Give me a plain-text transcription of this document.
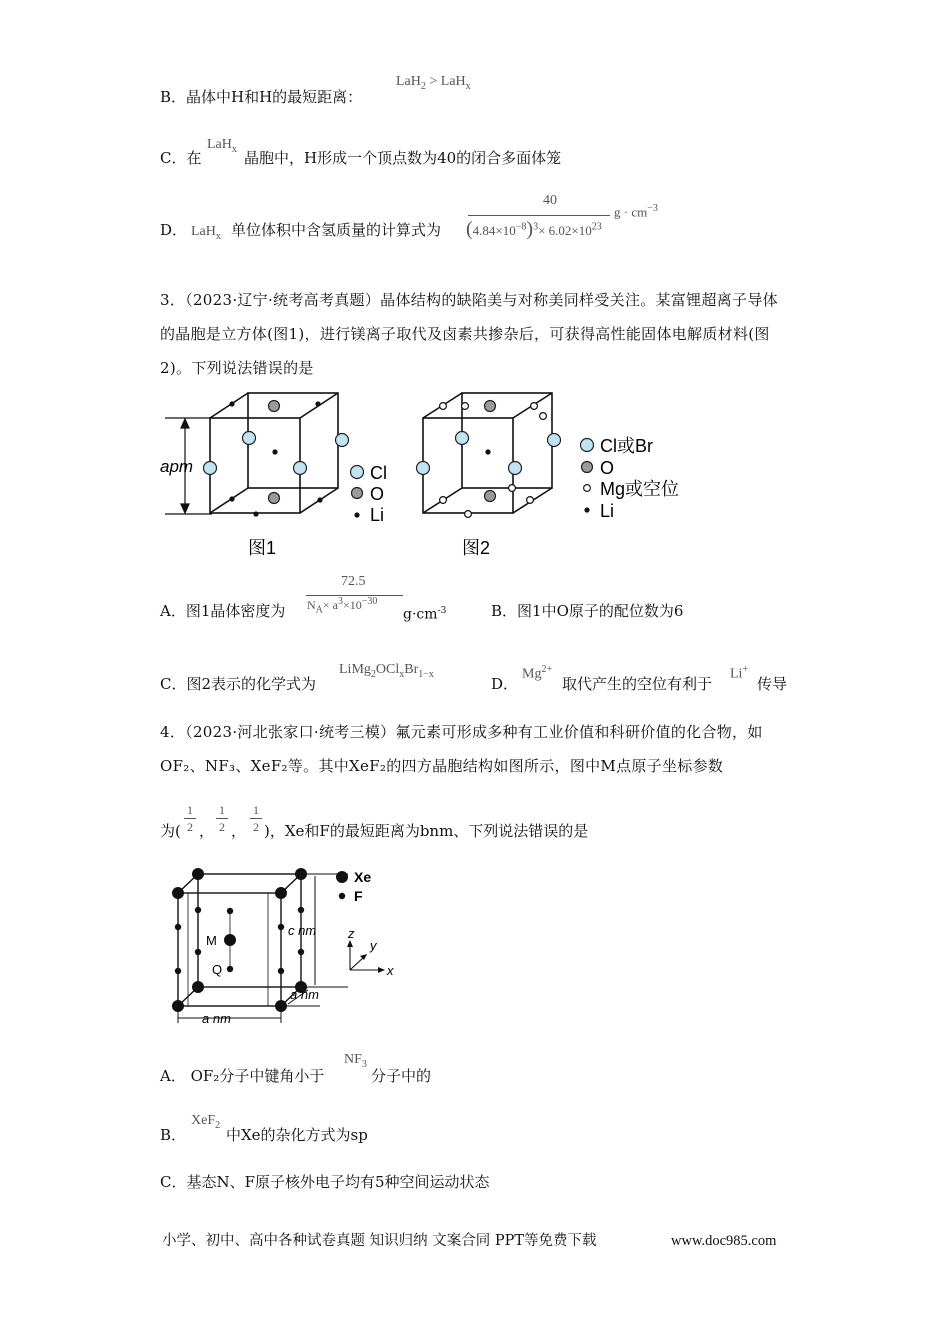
B．晶体中H和H的最短距离：
LaH$_2$ > LaH$_x$
C．在
LaH$_x$ 晶胞中，H形成一个顶点数为40的闭合多面体笼
D． LaH$_x$ 单位体积中含氢质量的计算式为
40
$(4.84\times 10^{-8})^3\times 6.02\times 10^{23}$
$g \cdot cm^{-3}$
3．（2023·辽宁·统考高考真题）晶体结构的缺陷美与对称美同样受关注。某富锂超离子导体的晶胞是立方体(图1)，进行镁离子取代及卤素共掺杂后，可获得高性能固体电解质材料(图2)。下列说法错误的是
apm	Cl
O
Li
图1
Cl或Br
O
Mg或空位
Li
图2
A．图1晶体密度为
72.5
$N_A\times a^3\times 10^{-30}$
$g\cdot cm^{-3}$	B．图1中O原子的配位数为6
C．图2表示的化学式为
$LiMg_2OCl_xBr_{1-x}$
D．
$Mg^{2+}$
取代产生的空位有利于
Li+
传导
4．（2023·河北张家口·统考三模）氟元素可形成多种有工业价值和科研价值的化合物，如OF₂、NF₃、XeF₂等。其中XeF₂的四方晶胞结构如图所示，图中M点原子坐标参数
为(
1
2 ，
1
2 ，
1
2 )，Xe和F的最短距离为bnm、下列说法错误的是
M
Q
c nm
a nm
a nm
Xe
F
z
y
x
A． OF₂分子中键角小于
$NF_3$
分子中的
B．
XeF$_2$
中Xe的杂化方式为sp
C．基态N、F原子核外电子均有5种空间运动状态
小学、初中、高中各种试卷真题 知识归纳 文案合同 PPT等免费下载	www.doc985.com
